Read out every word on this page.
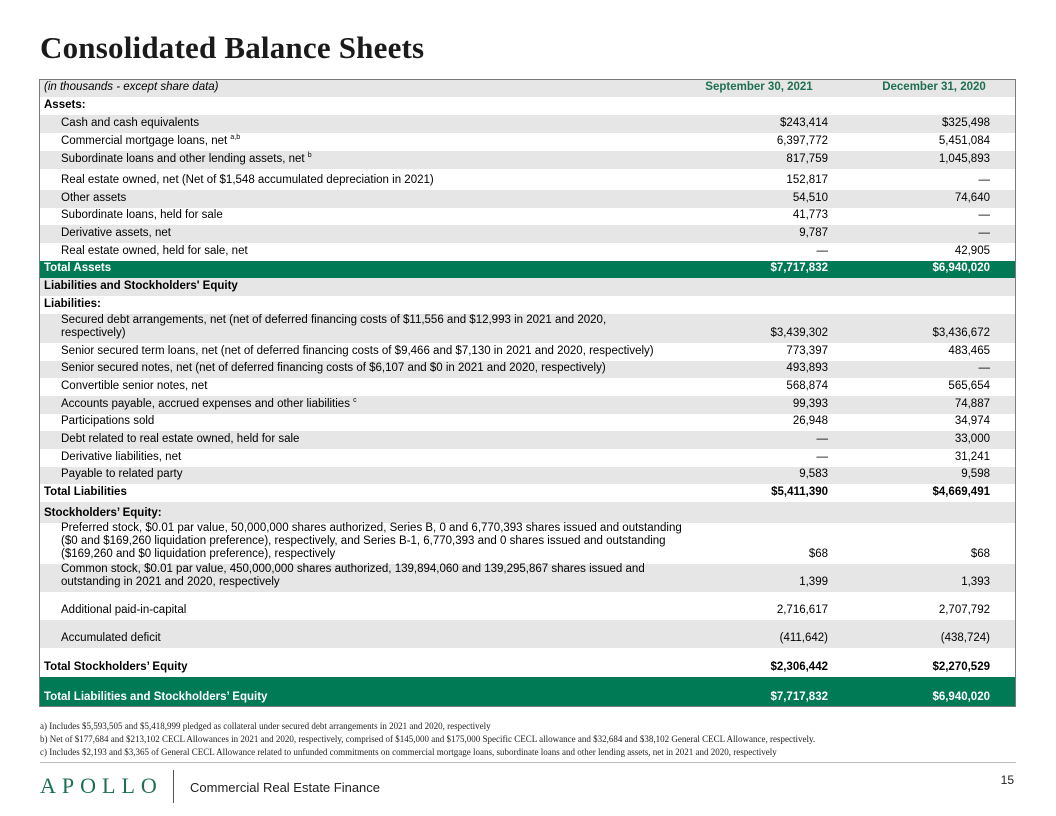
Consolidated Balance Sheets
(in thousands - except share data)	September 30, 2021	December 31, 2020
Assets:
Cash and cash equivalents	$243,414	$325,498
Commercial mortgage loans, net $^{a,b}$	6,397,772	5,451,084
Subordinate loans and other lending assets, net $^b$	817,759	1,045,893
Real estate owned, net (Net of $1,548 accumulated depreciation in 2021)	152,817	—
Other assets	54,510	74,640
Subordinate loans, held for sale	41,773	—
Derivative assets, net	9,787	—
Real estate owned, held for sale, net	—	42,905
Total Assets	$7,717,832	$6,940,020
Liabilities and Stockholders' Equity
Liabilities:
Secured debt arrangements, net (net of deferred financing costs of $11,556 and $12,993 in 2021 and 2020, respectively)	$3,439,302	$3,436,672
Senior secured term loans, net (net of deferred financing costs of $9,466 and $7,130 in 2021 and 2020, respectively)	773,397	483,465
Senior secured notes, net (net of deferred financing costs of $6,107 and $0 in 2021 and 2020, respectively)	493,893	—
Convertible senior notes, net	568,874	565,654
Accounts payable, accrued expenses and other liabilities $^c$	99,393	74,887
Participations sold	26,948	34,974
Debt related to real estate owned, held for sale	—	33,000
Derivative liabilities, net	—	31,241
Payable to related party	9,583	9,598
Total Liabilities	$5,411,390	$4,669,491
Stockholders’ Equity:
Preferred stock, $0.01 par value, 50,000,000 shares authorized, Series B, 0 and 6,770,393 shares issued and outstanding ($0 and $169,260 liquidation preference), respectively, and Series B-1, 6,770,393 and 0 shares issued and outstanding ($169,260 and $0 liquidation preference), respectively	$68	$68
Common stock, $0.01 par value, 450,000,000 shares authorized, 139,894,060 and 139,295,867 shares issued and outstanding in 2021 and 2020, respectively	1,399	1,393
Additional paid-in-capital	2,716,617	2,707,792
Accumulated deficit	(411,642)	(438,724)
Total Stockholders’ Equity	$2,306,442	$2,270,529
Total Liabilities and Stockholders’ Equity	$7,717,832	$6,940,020
a) Includes $5,593,505 and $5,418,999 pledged as collateral under secured debt arrangements in 2021 and 2020, respectively
b) Net of $177,684 and $213,102 CECL Allowances in 2021 and 2020, respectively, comprised of $145,000 and $175,000 Specific CECL allowance and $32,684 and $38,102 General CECL Allowance, respectively.
c) Includes $2,193 and $3,365 of General CECL Allowance related to unfunded commitments on commercial mortgage loans, subordinate loans and other lending assets, net in 2021 and 2020, respectively
APOLLO Commercial Real Estate Finance	15
